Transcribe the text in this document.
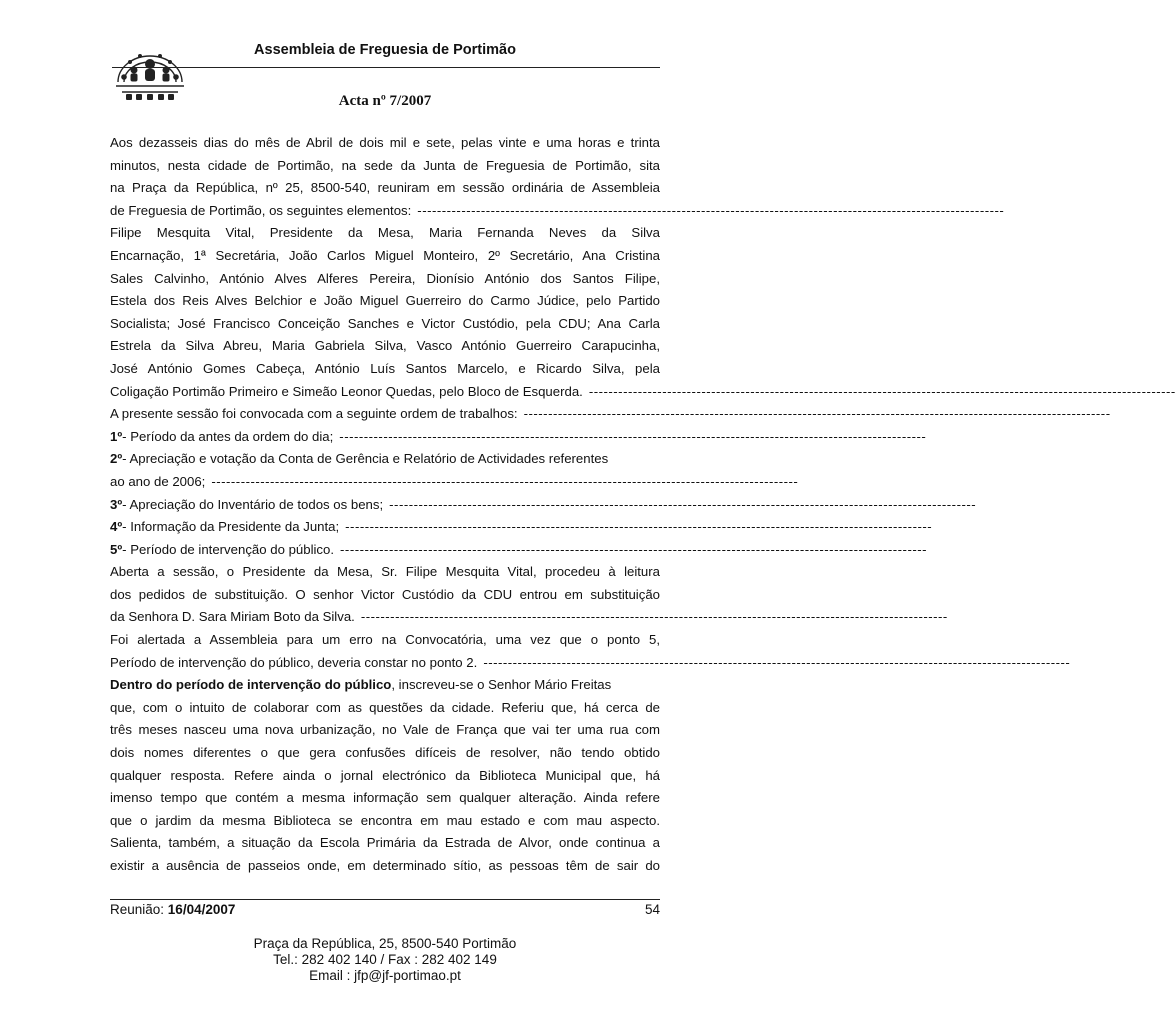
Assembleia de Freguesia de Portimão
Acta nº 7/2007
Aos dezasseis dias do mês de Abril de dois mil e sete, pelas vinte e uma horas e trinta
minutos, nesta cidade de Portimão, na sede da Junta de Freguesia de Portimão, sita
na Praça da República, nº 25, 8500-540, reuniram em sessão ordinária de Assembleia
de Freguesia de Portimão, os seguintes elementos: ------------------------------------------------------------------------------------------------------------------------
Filipe Mesquita Vital, Presidente da Mesa, Maria Fernanda Neves da Silva
Encarnação, 1ª Secretária, João Carlos Miguel Monteiro, 2º Secretário, Ana Cristina
Sales Calvinho, António Alves Alferes Pereira, Dionísio António dos Santos Filipe,
Estela dos Reis Alves Belchior e João Miguel Guerreiro do Carmo Júdice, pelo Partido
Socialista; José Francisco Conceição Sanches e Victor Custódio, pela CDU; Ana Carla
Estrela da Silva Abreu, Maria Gabriela Silva, Vasco António Guerreiro Carapucinha,
José António Gomes Cabeça, António Luís Santos Marcelo, e Ricardo Silva, pela
Coligação Portimão Primeiro e Simeão Leonor Quedas, pelo Bloco de Esquerda. ------------------------------------------------------------------------------------------------------------------------
A presente sessão foi convocada com a seguinte ordem de trabalhos: ------------------------------------------------------------------------------------------------------------------------
1º - Período da antes da ordem do dia; ------------------------------------------------------------------------------------------------------------------------
2º - Apreciação e votação da Conta de Gerência e Relatório de Actividades referentes
ao ano de 2006; ------------------------------------------------------------------------------------------------------------------------
3º - Apreciação do Inventário de todos os bens; ------------------------------------------------------------------------------------------------------------------------
4º - Informação da Presidente da Junta; ------------------------------------------------------------------------------------------------------------------------
5º - Período de intervenção do público. ------------------------------------------------------------------------------------------------------------------------
Aberta a sessão, o Presidente da Mesa, Sr. Filipe Mesquita Vital, procedeu à leitura
dos pedidos de substituição. O senhor Victor Custódio da CDU entrou em substituição
da Senhora D. Sara Miriam Boto da Silva. ------------------------------------------------------------------------------------------------------------------------
Foi alertada a Assembleia para um erro na Convocatória, uma vez que o ponto 5,
Período de intervenção do público, deveria constar no ponto 2. ------------------------------------------------------------------------------------------------------------------------
Dentro do período de intervenção do público , inscreveu-se o Senhor Mário Freitas
que, com o intuito de colaborar com as questões da cidade. Referiu que, há cerca de
três meses nasceu uma nova urbanização, no Vale de França que vai ter uma rua com
dois nomes diferentes o que gera confusões difíceis de resolver, não tendo obtido
qualquer resposta. Refere ainda o jornal electrónico da Biblioteca Municipal que, há
imenso tempo que contém a mesma informação sem qualquer alteração. Ainda refere
que o jardim da mesma Biblioteca se encontra em mau estado e com mau aspecto.
Salienta, também, a situação da Escola Primária da Estrada de Alvor, onde continua a
existir a ausência de passeios onde, em determinado sítio, as pessoas têm de sair do
Reunião: 16/04/2007	54
Praça da República, 25, 8500-540 Portimão
Tel.: 282 402 140 / Fax : 282 402 149
Email : jfp@jf-portimao.pt
